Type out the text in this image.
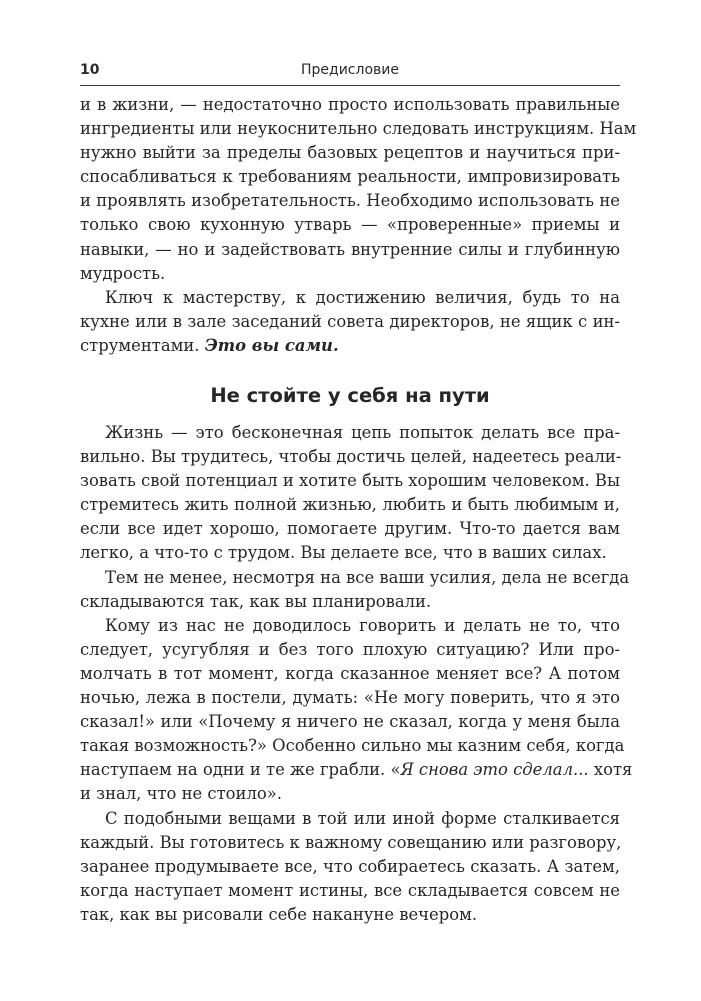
10	Предисловие
и в жизни, — недостаточно просто использовать правильные
ингредиенты или неукоснительно следовать инструкциям. Нам
нужно выйти за пределы базовых рецептов и научиться при-
спосабливаться к требованиям реальности, импровизировать
и проявлять изобретательность. Необходимо использовать не
только свою кухонную утварь — «проверенные» приемы и
навыки, — но и задействовать внутренние силы и глубинную
мудрость.
Ключ к мастерству, к достижению величия, будь то на
кухне или в зале заседаний совета директоров, не ящик с ин-
струментами. Это вы сами.
Не стойте у себя на пути
Жизнь — это бесконечная цепь попыток делать все пра-
вильно. Вы трудитесь, чтобы достичь целей, надеетесь реали-
зовать свой потенциал и хотите быть хорошим человеком. Вы
стремитесь жить полной жизнью, любить и быть любимым и,
если все идет хорошо, помогаете другим. Что-то дается вам
легко, а что-то с трудом. Вы делаете все, что в ваших силах.
Тем не менее, несмотря на все ваши усилия, дела не всегда
складываются так, как вы планировали.
Кому из нас не доводилось говорить и делать не то, что
следует, усугубляя и без того плохую ситуацию? Или про-
молчать в тот момент, когда сказанное меняет все? А потом
ночью, лежа в постели, думать: «Не могу поверить, что я это
сказал!» или «Почему я ничего не сказал, когда у меня была
такая возможность?» Особенно сильно мы казним себя, когда
наступаем на одни и те же грабли. «Я снова это сделал... хотя
и знал, что не стоило».
С подобными вещами в той или иной форме сталкивается
каждый. Вы готовитесь к важному совещанию или разговору,
заранее продумываете все, что собираетесь сказать. А затем,
когда наступает момент истины, все складывается совсем не
так, как вы рисовали себе накануне вечером.
